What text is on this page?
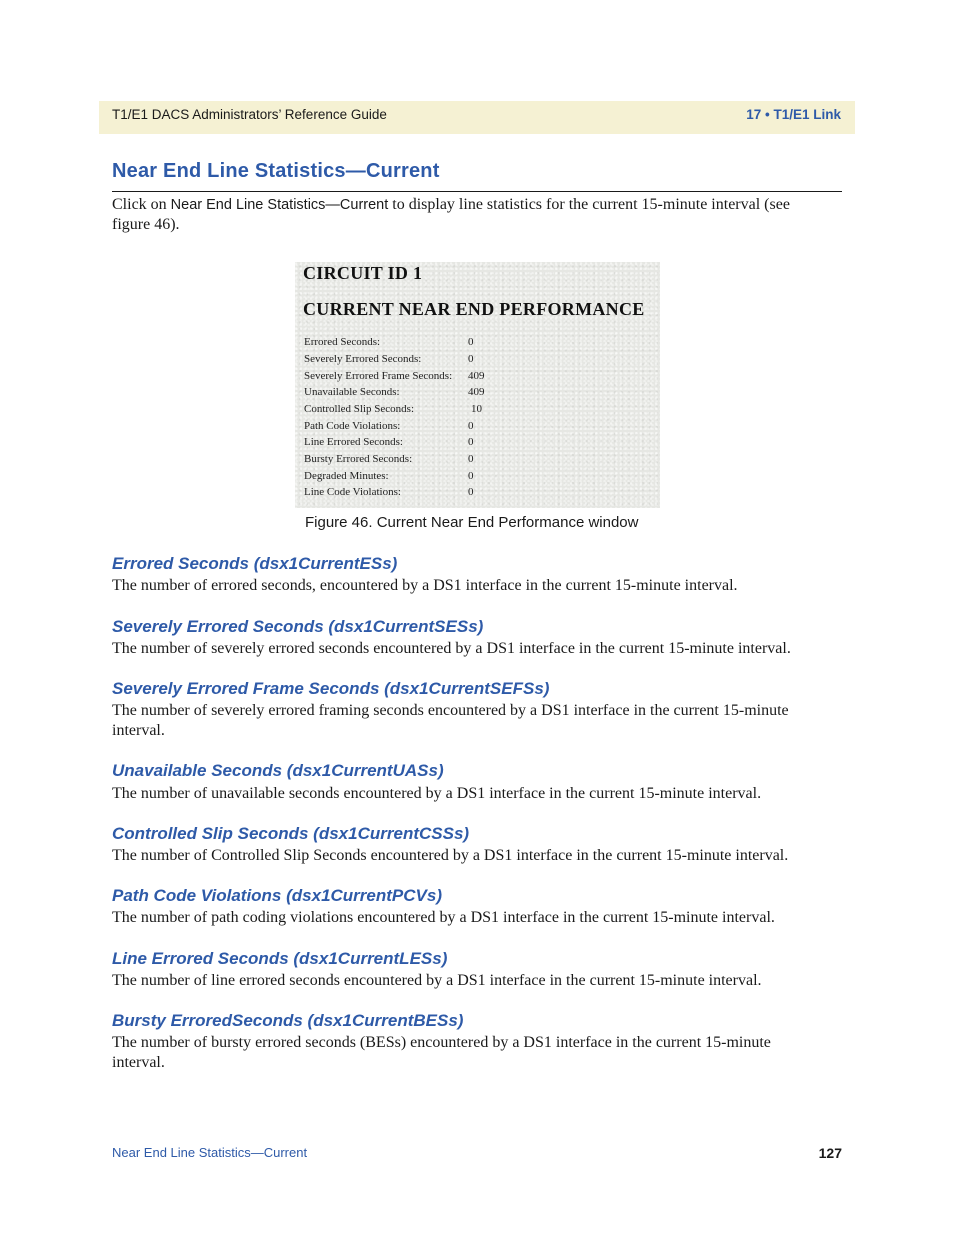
T1/E1 DACS Administrators’ Reference Guide	17 • T1/E1 Link
Near End Line Statistics—Current
Click on Near End Line Statistics—Current to display line statistics for the current 15-minute interval (see figure 46).
CIRCUIT ID 1
CURRENT NEAR END PERFORMANCE
Errored Seconds:	0
Severely Errored Seconds:	0
Severely Errored Frame Seconds: 409
Unavailable Seconds:	409
Controlled Slip Seconds:	10
Path Code Violations:	0
Line Errored Seconds:	0
Bursty Errored Seconds:	0
Degraded Minutes:	0
Line Code Violations:	0
Figure 46. Current Near End Performance window
Errored Seconds (dsx1CurrentESs)
The number of errored seconds, encountered by a DS1 interface in the current 15-minute interval.
Severely Errored Seconds (dsx1CurrentSESs)
The number of severely errored seconds encountered by a DS1 interface in the current 15-minute interval.
Severely Errored Frame Seconds (dsx1CurrentSEFSs)
The number of severely errored framing seconds encountered by a DS1 interface in the current 15-minute interval.
Unavailable Seconds (dsx1CurrentUASs)
The number of unavailable seconds encountered by a DS1 interface in the current 15-minute interval.
Controlled Slip Seconds (dsx1CurrentCSSs)
The number of Controlled Slip Seconds encountered by a DS1 interface in the current 15-minute interval.
Path Code Violations (dsx1CurrentPCVs)
The number of path coding violations encountered by a DS1 interface in the current 15-minute interval.
Line Errored Seconds (dsx1CurrentLESs)
The number of line errored seconds encountered by a DS1 interface in the current 15-minute interval.
Bursty ErroredSeconds (dsx1CurrentBESs)
The number of bursty errored seconds (BESs) encountered by a DS1 interface in the current 15-minute interval.
Near End Line Statistics—Current	127
